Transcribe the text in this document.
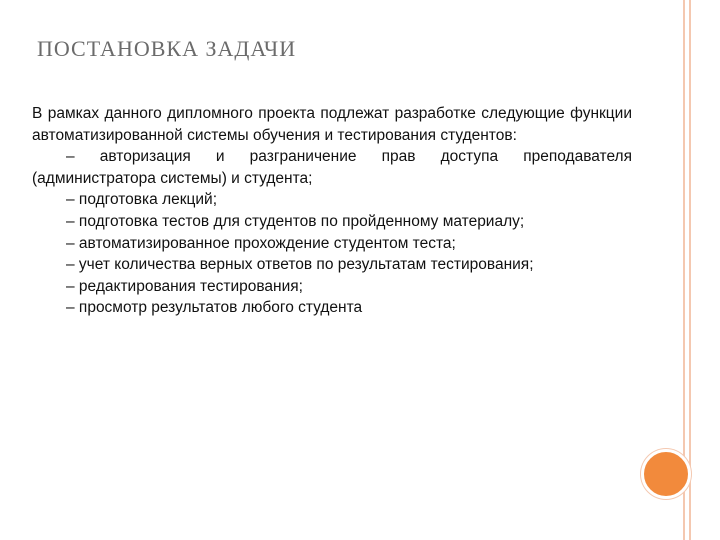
ПОСТАНОВКА ЗАДАЧИ

В рамках данного дипломного проекта подлежат разработке следующие функции автоматизированной системы обучения и тестирования студентов:

– авторизация и разграничение прав доступа преподавателя (администратора системы) и студента;

– подготовка лекций;

– подготовка тестов для студентов по пройденному материалу;

– автоматизированное прохождение студентом теста;

– учет количества верных ответов по результатам тестирования;

– редактирования тестирования;

– просмотр результатов любого студента
